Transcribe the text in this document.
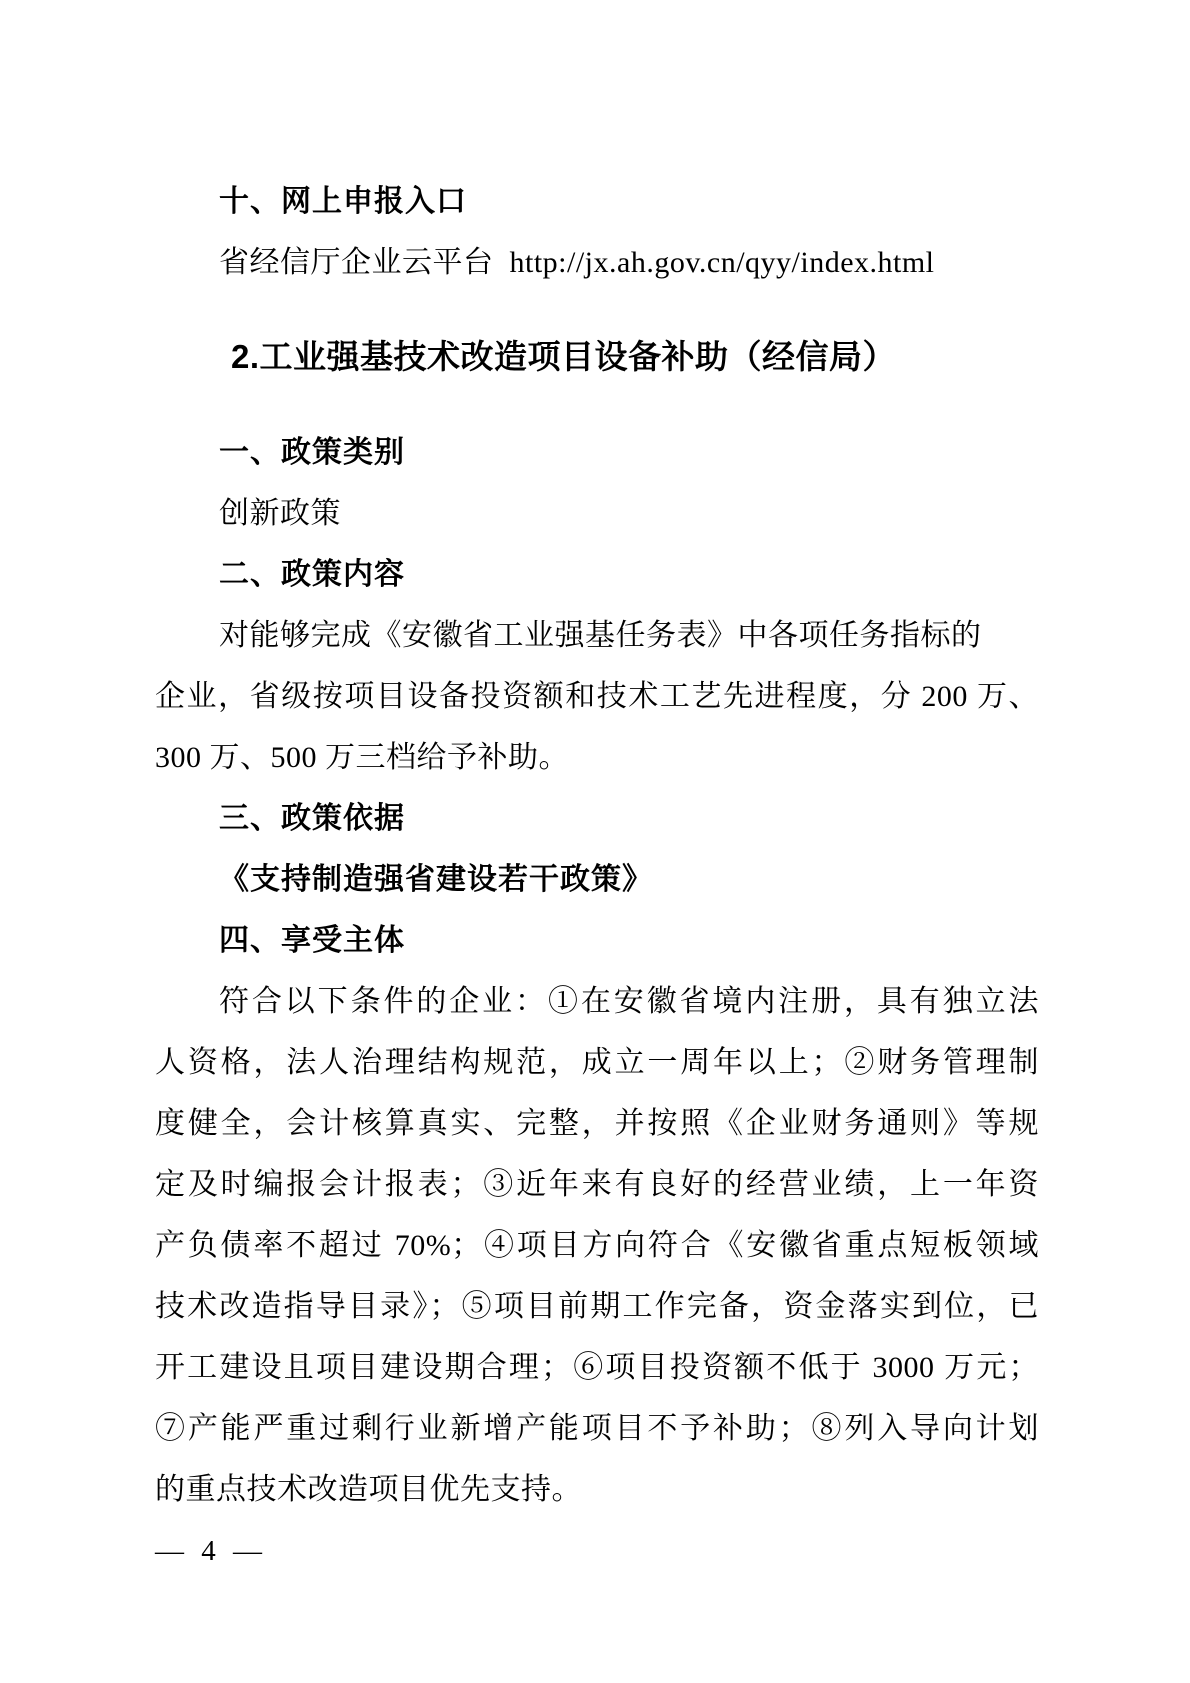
十、网上申报入口
省经信厅企业云平台  http://jx.ah.gov.cn/qyy/index.html
2.工业强基技术改造项目设备补助（经信局）
一、政策类别
创新政策
二、政策内容
对能够完成《安徽省工业强基任务表》中各项任务指标的
企业，省级按项目设备投资额和技术工艺先进程度，分 200 万、
300 万、500 万三档给予补助。
三、政策依据
《支持制造强省建设若干政策》
四、享受主体
符合以下条件的企业：①在安徽省境内注册，具有独立法
人资格，法人治理结构规范，成立一周年以上；②财务管理制
度健全，会计核算真实、完整，并按照《企业财务通则》等规
定及时编报会计报表；③近年来有良好的经营业绩，上一年资
产负债率不超过 70%；④项目方向符合《安徽省重点短板领域
技术改造指导目录》；⑤项目前期工作完备，资金落实到位，已
开工建设且项目建设期合理；⑥项目投资额不低于 3000 万元；
⑦产能严重过剩行业新增产能项目不予补助；⑧列入导向计划
的重点技术改造项目优先支持。
— 4 —
